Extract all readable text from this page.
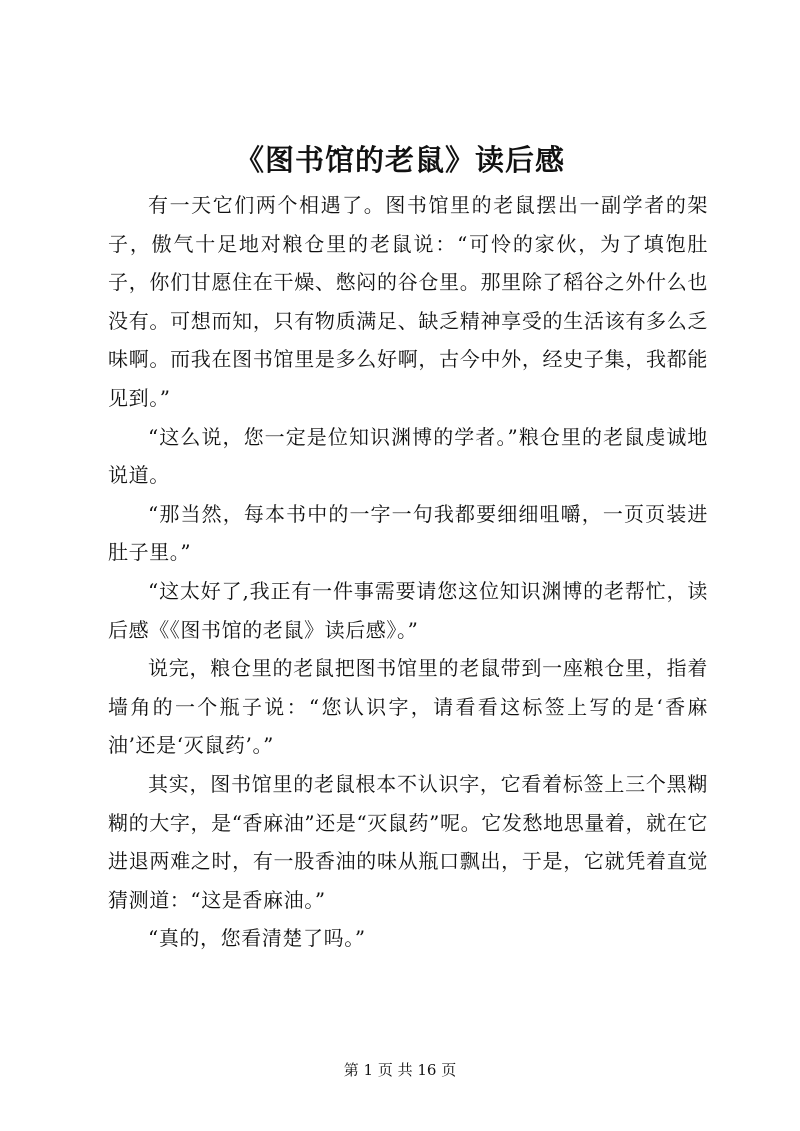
《图书馆的老鼠》读后感

有一天它们两个相遇了。图书馆里的老鼠摆出一副学者的架子，傲气十足地对粮仓里的老鼠说：“可怜的家伙，为了填饱肚子，你们甘愿住在干燥、憋闷的谷仓里。那里除了稻谷之外什么也没有。可想而知，只有物质满足、缺乏精神享受的生活该有多么乏味啊。而我在图书馆里是多么好啊，古今中外，经史子集，我都能见到。”

“这么说，您一定是位知识渊博的学者。”粮仓里的老鼠虔诚地说道。

“那当然，每本书中的一字一句我都要细细咀嚼，一页页装进肚子里。”

“这太好了,我正有一件事需要请您这位知识渊博的老帮忙，读后感《《图书馆的老鼠》读后感》。”

说完，粮仓里的老鼠把图书馆里的老鼠带到一座粮仓里，指着墙角的一个瓶子说：“您认识字，请看看这标签上写的是‘香麻油’还是‘灭鼠药’。”

其实，图书馆里的老鼠根本不认识字，它看着标签上三个黑糊糊的大字，是“香麻油”还是“灭鼠药”呢。它发愁地思量着，就在它进退两难之时，有一股香油的味从瓶口飘出，于是，它就凭着直觉猜测道：“这是香麻油。”

“真的，您看清楚了吗。”

第 1 页 共 16 页
